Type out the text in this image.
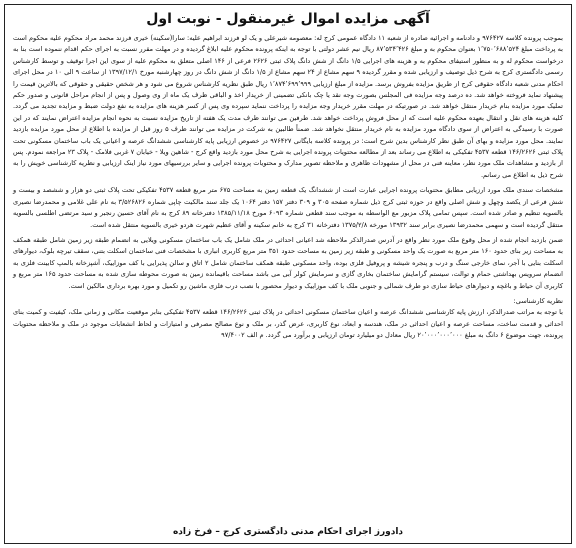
آگهی مزایده اموال غیرمنقول - نوبت اول

بموجب پرونده کلاسه ۹۷۶۴۲۷ و دادنامه و اجرائیه صادره از شعبه ۱۱ دادگاه عمومی کرج له: معصومه شیرعلی و یک لو فرزند ابراهیم علیه: سارا(سکینه) خیری فرزند محمد مراد محکوم علیه محکوم است به پرداخت مبلغ ۱٬۷۵۰٬۶۸۸٬۵۲۴ بعنوان محکوم به و مبلغ ۸۷٬۵۳۴٬۴۲۶ ریال نیم عشر دولتی با توجه به اینکه پرونده محکوم علیه ابلاغ گردیده و در مهلت مقرر نسبت به اجرای حکم اقدام ننموده است بنا به درخواست محکوم له و به منظور استیفای محکوم به و هزینه های اجرایی ۱/۵ دانگ از شش دانگ پلاک ثبتی ۲۶۲۶ فرعی از ۱۴۶ اصلی متعلق به محکوم علیه از سوی این اجرا توقیف و توسط کارشناس رسمی دادگستری کرج به شرح ذیل توصیف و ارزیابی شده و مقرر گردیده ۹ سهم مشاع از ۲۴ سهم مشاع از ۱/۵ دانگ از شش دانگ در روز چهارشنبه مورخ ۱۳۹۷/۱۲/۱ از ساعت ۹ الی ۱۰ در محل اجرای احکام مدنی شعبه دادگاه حقوقی کرج از طریق مزایده بفروش برسد. مزایده از مبلغ ارزیابی ۱٬۸۷۴٬۶۹۹٬۹۹۹ ریال طبق نظریه کارشناس شروع می شود و هر شخص حقیقی و حقوقی که بالاترین قیمت را پیشنهاد نماید فروخته خواهد شد. ده درصد وجه مزایده فی المجلس بصورت وجه نقد یا چک بانکی تضمینی از خریدار اخذ و الباقی ظرف یک ماه از وی وصول و پس از انجام مراحل قانونی و صدور حکم تملیک مورد مزایده بنام خریدار منتقل خواهد شد. در صورتیکه در مهلت مقرر خریدار وجه مزایده را پرداخت ننماید سپرده وی پس از کسر هزینه های مزایده به نفع دولت ضبط و مزایده تجدید می گردد. کلیه هزینه های نقل و انتقال بعهده محکوم علیه است که از محل فروش پرداخت خواهد شد. طرفین می توانند ظرف مدت یک هفته از تاریخ مزایده نسبت به نحوه انجام مزایده اعتراض نمایند که در این صورت با رسیدگی به اعتراض از سوی دادگاه مورد مزایده به نام خریدار منتقل نخواهد شد. ضمناً طالبین به شرکت در مزایده می توانند ظرف ۵ روز قبل از مزایده با اطلاع از محل مورد مزایده بازدید نمایند. محل مورد مزایده و بهای آن طبق نظر کارشناس بدین شرح است: در پرونده کلاسه بایگانی ۹۷۶۴۲۷ در خصوص ارزیابی پایه کارشناسی ششدانگ عرصه و اعیانی یک باب ساختمان مسکونی تحت پلاک ثبتی ۱۴۶/۲۶۲۶ قطعه ۴۵۳۷ تفکیکی به اطلاع می رساند بعد از مطالعه محتویات پرونده اجرایی به شرح محل مورد بازدید واقع کرج - شاهین ویلا - خیابان ۷ غربی فلامک - پلاک ۲۳ مراجعه نمودم. پس از بازدید و مشاهدات ملک مورد نظر، معاینه فنی در محل از مشهودات ظاهری و ملاحظه تصویر مدارک و محتویات پرونده اجرایی و سایر بررسیهای مورد نیاز اینک ارزیابی و نظریه کارشناسی خویش را به شرح ذیل به اطلاع می رسانم.

مشخصات سندی ملک مورد ارزیابی مطابق محتویات پرونده اجرایی عبارت است از ششدانگ یک قطعه زمین به مساحت ۶۷۵ متر مربع قطعه ۴۵۳۷ تفکیکی تحت پلاک ثبتی دو هزار و ششصد و بیست و شش فرعی از یکصد وچهل و شش اصلی واقع در حوزه ثبتی کرج ذیل شماره صفحه ۳۰۵ و ۳۰۹ دفتر ۱۵۷ دفتر ۱۰۶۴ یک جلد سند مالکیت چاپی شماره ۳/۵۲۶۸۲۶ به نام علی غلامی و محمدرضا نصیری بالسویه تنظیم و صادر شده است. سپس تمامی پلاک مزبور مع الواسطه به موجب سند قطعی شماره ۶۰۹۳ مورخ ۱۳۸۵/۱۱/۱۸ دفترخانه ۸۹ کرج به نام آقای حسین رنجبر و سید مرتضی اطلسی بالسویه منتقل گردیده است و سهمی محمدرضا نصیری برابر سند ۱۳۹۳۲ مورخه ۱۳۷۵/۲/۸ دفترخانه ۳۱ کرج به خانم سکینه و آقای عظیم شهرت هردو خیری بالسویه منتقل شده است.

ضمن بازدید انجام شده از محل وقوع ملک مورد نظر واقع در آدرس صدرالذکر ملاحظه شد اعیانی احداثی در ملک شامل یک باب ساختمان مسکونی ویلایی به انضمام طبقه زیر زمین شامل طبقه همکف به مساحت زیر بنای حدود ۱۶۰ متر مربع به صورت یک واحد مسکونی و طبقه زیر زمین به مساحت حدود ۳۵۱ متر مربع کاربری انباری با مشخصات فنی ساختمان اسکلت بتنی، سقف تیرچه بلوک، دیوارهای اسکلت بنایی با آجر، نمای خارجی سنگ و درب و پنجره شیشه و پروفیل فلزی بوده، واحد مسکونی طبقه همکف ساختمان شامل ۲ اتاق و سالن پذیرایی با کف موزاییک، آشپزخانه بالمپ کابینت فلزی به انضمام سرویس بهداشتی حمام و توالت، سیستم گرامایش ساختمان بخاری گازی و سرمایش کولر آبی می باشد مساحت باقیمانده زمین به صورت محوطه سازی شده به مساحت حدود ۱۶۵ متر مربع و کاربری آن حیاط و باغچه و دیوارهای حیاط سازی دو طرف شمالی و جنوبی ملک با کف موزاییک و دیوار محصور با نصب درب فلزی ماشین رو تکمیل و مورد بهره برداری مالکین است.

نظریه کارشناسی:

با توجه به مراتب صدرالذکر، ارزش پایه کارشناسی ششدانگ عرصه و اعیان ساختمان مسکونی احداثی در پلاک ثبتی ۱۴۶/۲۶۲۶ قطعه ۴۵۳۷ تفکیکی بنابر موقعیت مکانی و زمانی ملک، کیفیت و کمیت بنای احداثی و قدمت ساخت، مساحت عرصه و اعیان احداثی در ملک، هندسه و ابعاد، نوع کاربری، عرض گذر، بر ملک و نوع مصالح مصرفی و امتیازات و لحاظ انشعابات موجود در ملک و ملاحظه محتویات پرونده، جهت موضوع ۶ دانگ به مبلغ ۲۰٬۰۰۰٬۰۰۰٬۰۰۰ ریال معادل دو میلیارد تومان ارزیابی و برآورد می گردد. م الف ۹۷/۴۰۰۲

دادورز اجرای احکام مدنی دادگستری کرج – فرخ زاده
